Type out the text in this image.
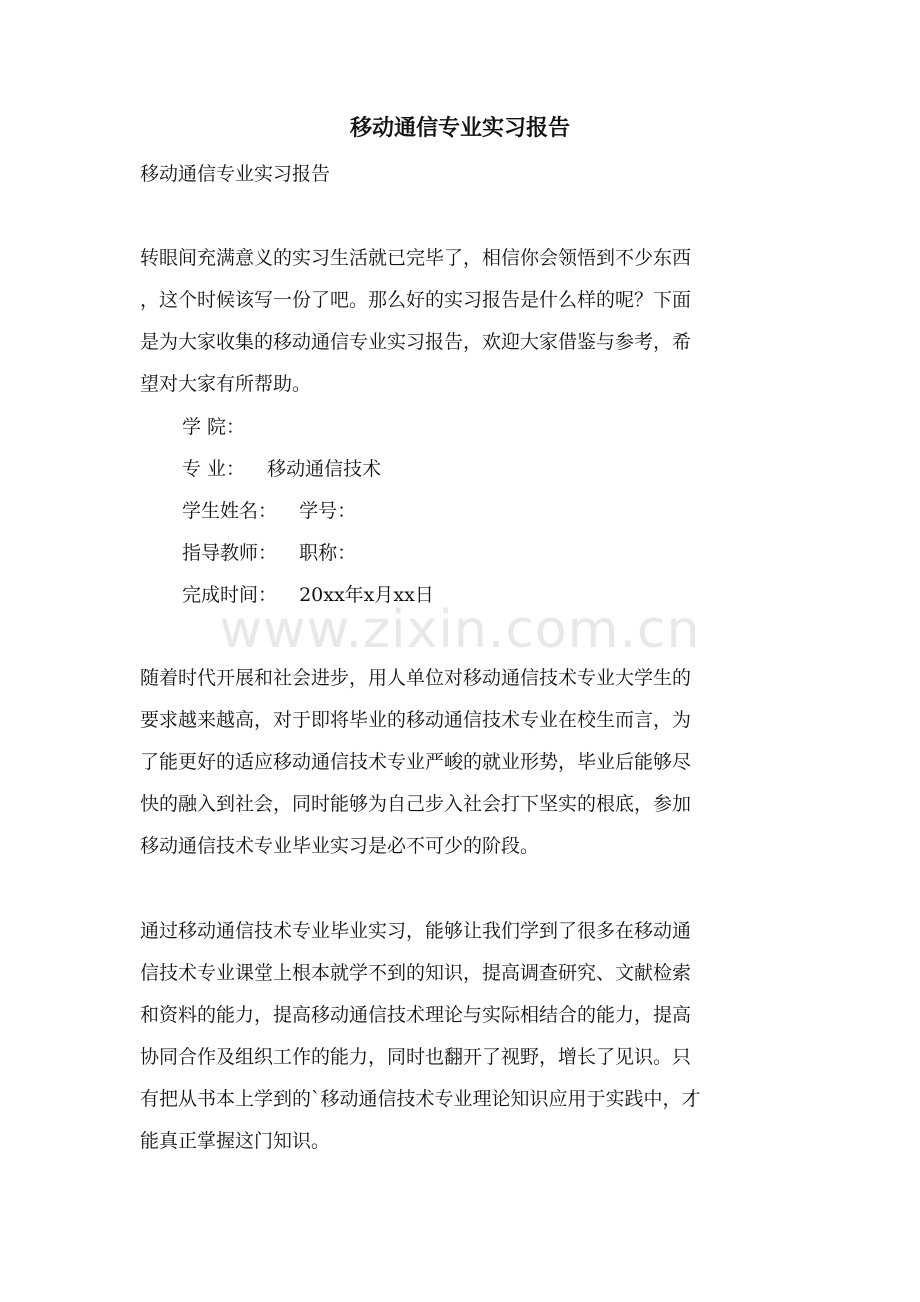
移动通信专业实习报告

移动通信专业实习报告

转眼间充满意义的实习生活就已完毕了，相信你会领悟到不少东西
，这个时候该写一份了吧。那么好的实习报告是什么样的呢？下面
是为大家收集的移动通信专业实习报告，欢迎大家借鉴与参考，希
望对大家有所帮助。

学 院：
专 业： 移动通信技术
学生姓名： 学号：
指导教师： 职称：
完成时间： 20xx年x月xx日
www.zixin.com.cn

随着时代开展和社会进步，用人单位对移动通信技术专业大学生的
要求越来越高，对于即将毕业的移动通信技术专业在校生而言，为
了能更好的适应移动通信技术专业严峻的就业形势，毕业后能够尽
快的融入到社会，同时能够为自己步入社会打下坚实的根底，参加
移动通信技术专业毕业实习是必不可少的阶段。

通过移动通信技术专业毕业实习，能够让我们学到了很多在移动通
信技术专业课堂上根本就学不到的知识，提高调查研究、文献检索
和资料的能力，提高移动通信技术理论与实际相结合的能力，提高
协同合作及组织工作的能力，同时也翻开了视野，增长了见识。只
有把从书本上学到的`移动通信技术专业理论知识应用于实践中，才
能真正掌握这门知识。
